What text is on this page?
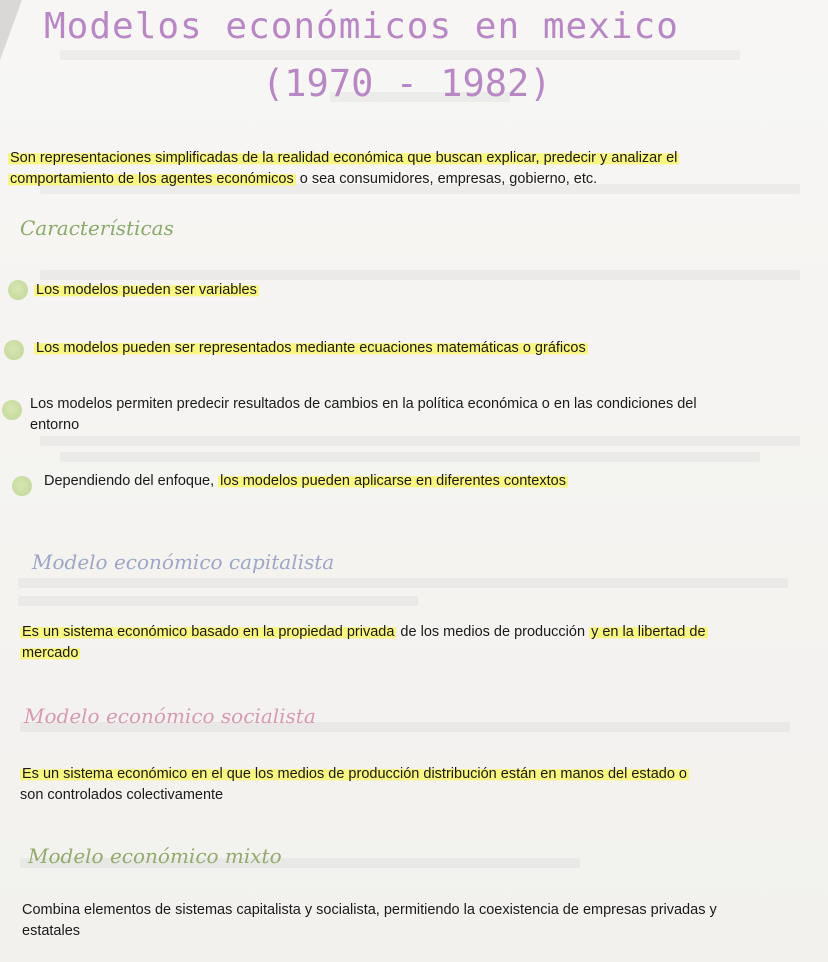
Modelos económicos en mexico
(1970 - 1982)
Son representaciones simplificadas de la realidad económica que buscan explicar, predecir y analizar el
comportamiento de los agentes económicos o sea consumidores, empresas, gobierno, etc.
Características
Los modelos pueden ser variables
Los modelos pueden ser representados mediante ecuaciones matemáticas o gráficos
Los modelos permiten predecir resultados de cambios en la política económica o en las condiciones del
entorno
Dependiendo del enfoque, los modelos pueden aplicarse en diferentes contextos
Modelo económico capitalista
Es un sistema económico basado en la propiedad privada de los medios de producción y en la libertad de
mercado
Modelo económico socialista
Es un sistema económico en el que los medios de producción distribución están en manos del estado o
son controlados colectivamente
Modelo económico mixto
Combina elementos de sistemas capitalista y socialista, permitiendo la coexistencia de empresas privadas y
estatales
